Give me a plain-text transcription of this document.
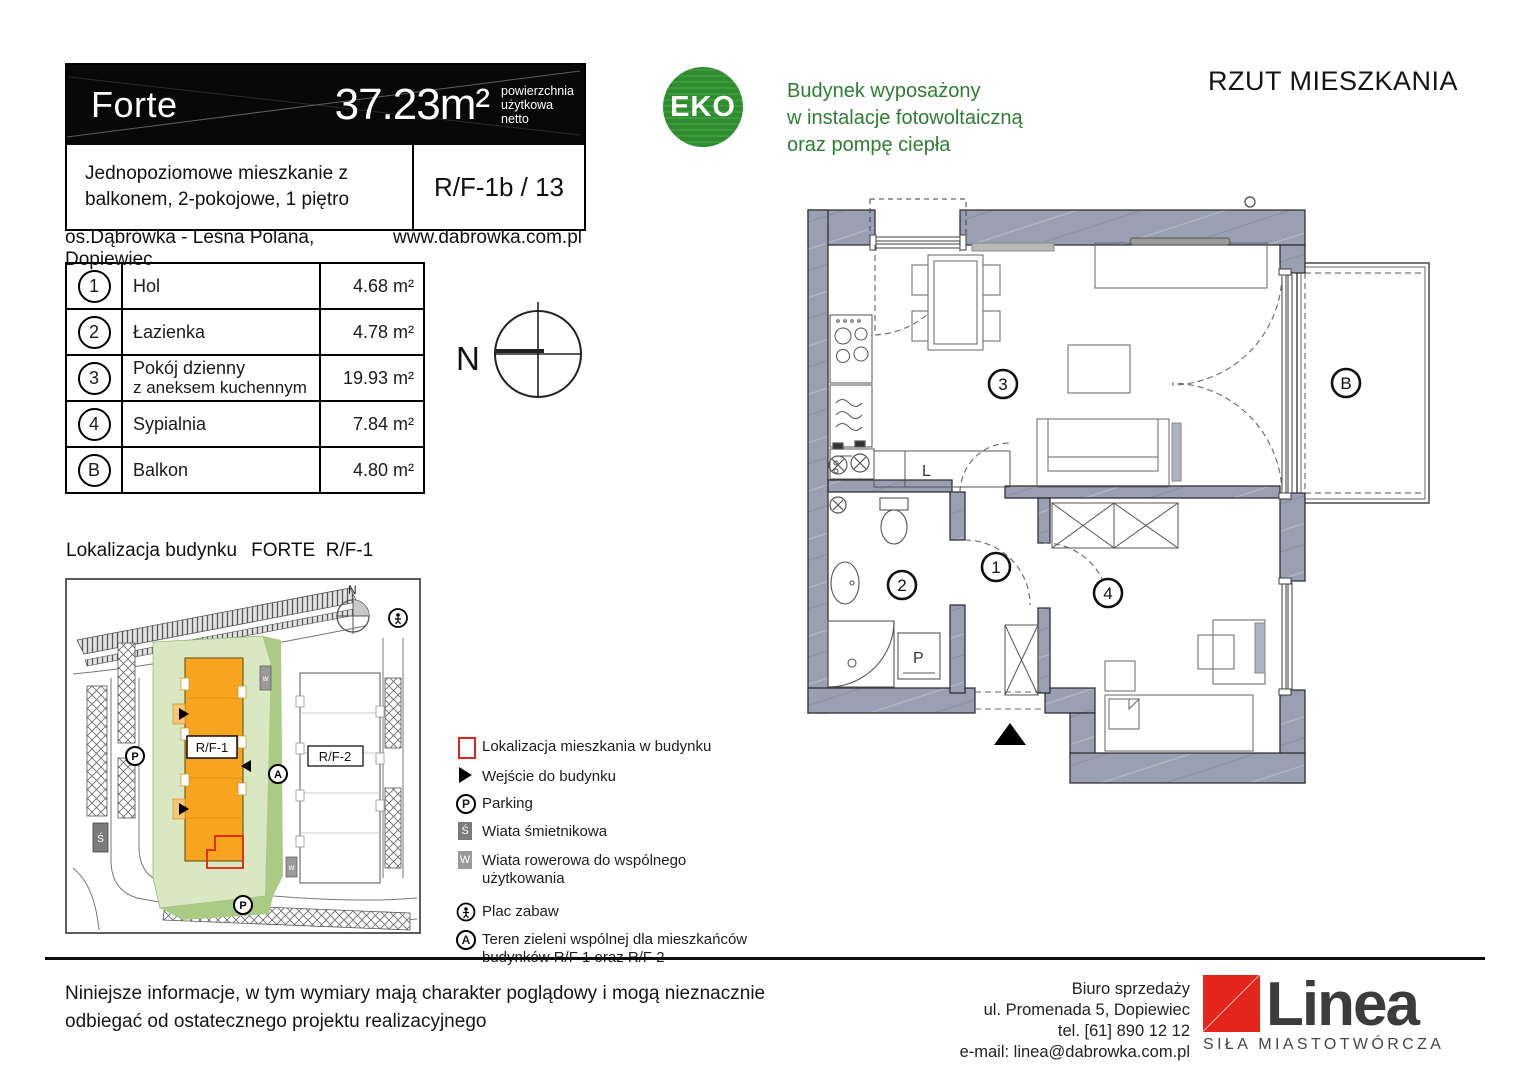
Forte	37.23m² powierzchnia
użytkowa
netto
Jednopoziomowe mieszkanie z
balkonem, 2-pokojowe, 1 piętro	R/F-1b / 13
os.Dąbrówka - Leśna Polana, Dopiewiec
www.dabrowka.com.pl
1	Hol	4.68 m²
2	Łazienka	4.78 m²
3	Pokój dzienny
z aneksem kuchennym	19.93 m²
4	Sypialnia	7.84 m²
B	Balkon	4.80 m²
N
EKO	Budynek wyposażony
w instalacje fotowoltaiczną
oraz pompę ciepła
RZUT MIESZKANIA
L
P
3	B
2
1
4
Lokalizacja budynku FORTE  R/F-1
R/F-1
R/F-2
N
P
P
Ś
w
w
A
Lokalizacja mieszkania w budynku
Wejście do budynku
P Parking
Ś Wiata śmietnikowa
W Wiata rowerowa do wspólnego użytkowania
Plac zabaw
A Teren zieleni wspólnej dla mieszkańców
Niniejsze informacje, w tym wymiary mają charakter poglądowy i mogą nieznacznie
odbiegać od ostatecznego projektu realizacyjnego
Biuro sprzedaży
ul. Promenada 5, Dopiewiec
tel. [61] 890 12 12
e-mail: linea@dabrowka.com.pl
Linea
SIŁA MIASTOTWÓRCZA
